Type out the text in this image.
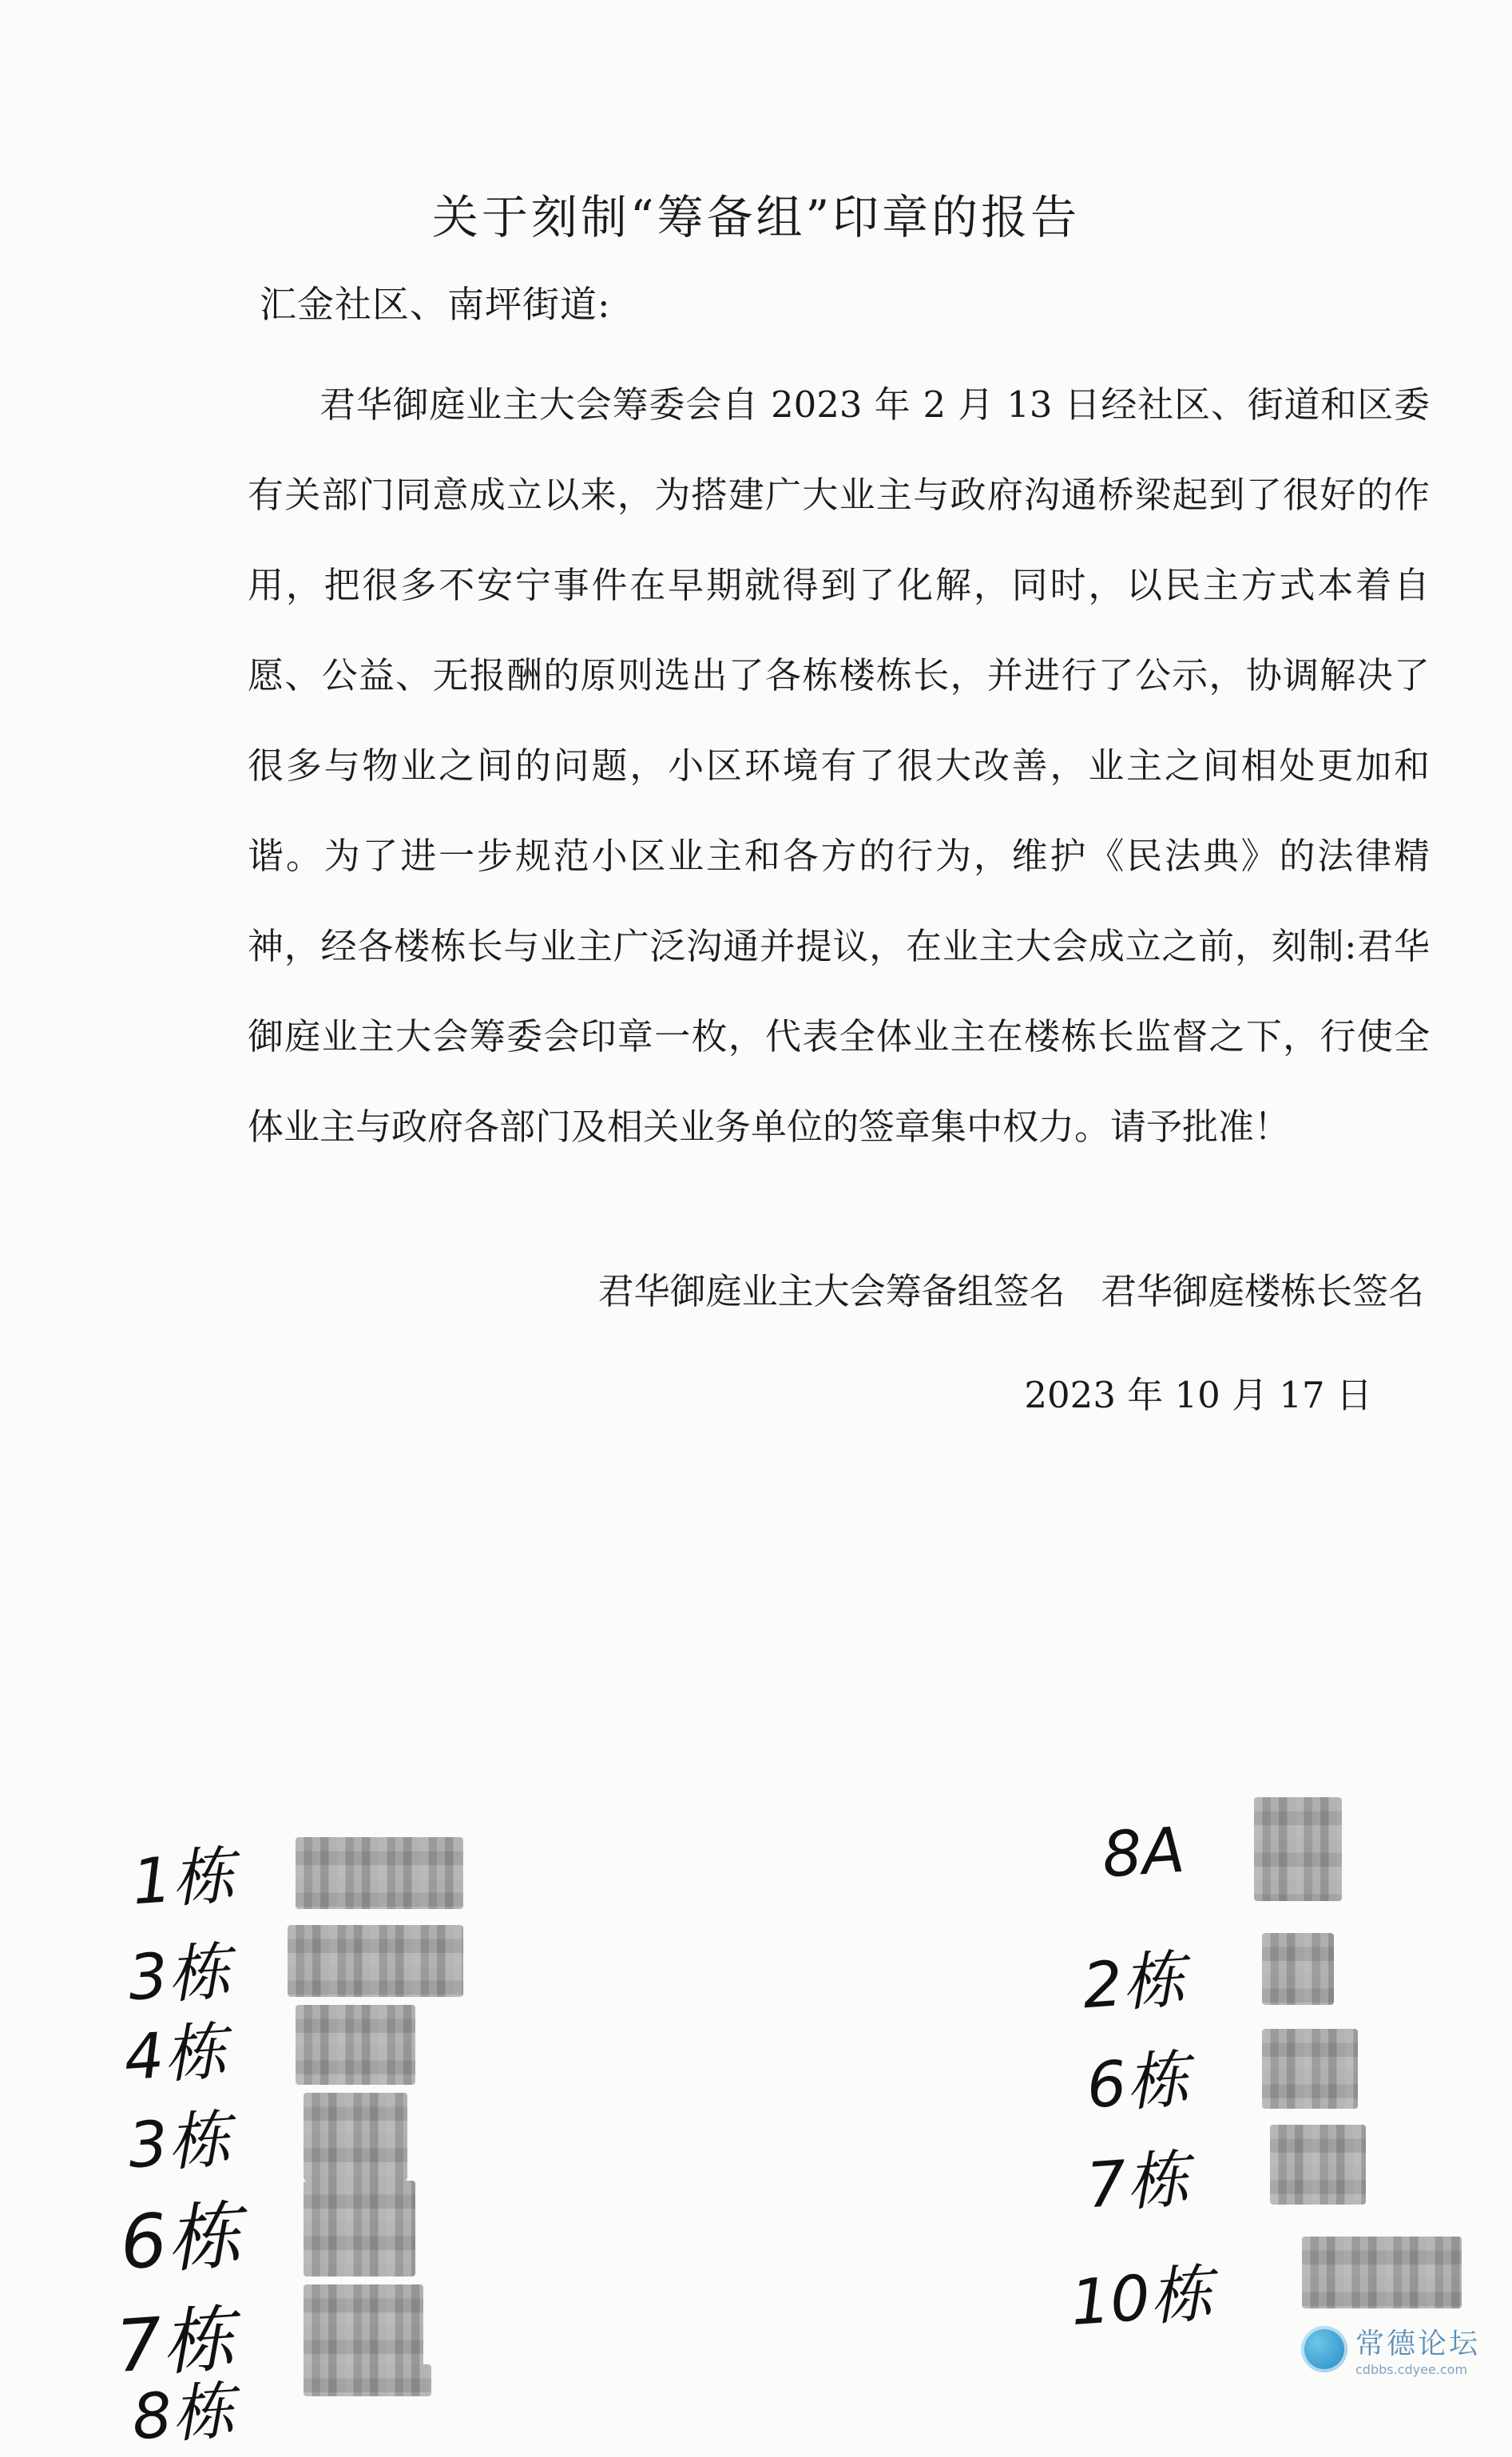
关于刻制“筹备组”印章的报告
汇金社区、南坪街道:

君华御庭业主大会筹委会自 2023 年 2 月 13 日经社区、街道和区委有关部门同意成立以来，为搭建广大业主与政府沟通桥梁起到了很好的作用，把很多不安宁事件在早期就得到了化解，同时，以民主方式本着自愿、公益、无报酬的原则选出了各栋楼栋长，并进行了公示，协调解决了很多与物业之间的问题，小区环境有了很大改善，业主之间相处更加和谐。为了进一步规范小区业主和各方的行为，维护《民法典》的法律精神，经各楼栋长与业主广泛沟通并提议，在业主大会成立之前，刻制:君华御庭业主大会筹委会印章一枚，代表全体业主在楼栋长监督之下，行使全体业主与政府各部门及相关业务单位的签章集中权力。请予批准！

君华御庭业主大会筹备组签名 君华御庭楼栋长签名
2023 年 10 月 17 日
1栋
3栋
4栋
3栋
6栋
7栋
8栋
8A
2栋
6栋
7栋
10栋
常德论坛
cdbbs.cdyee.com
